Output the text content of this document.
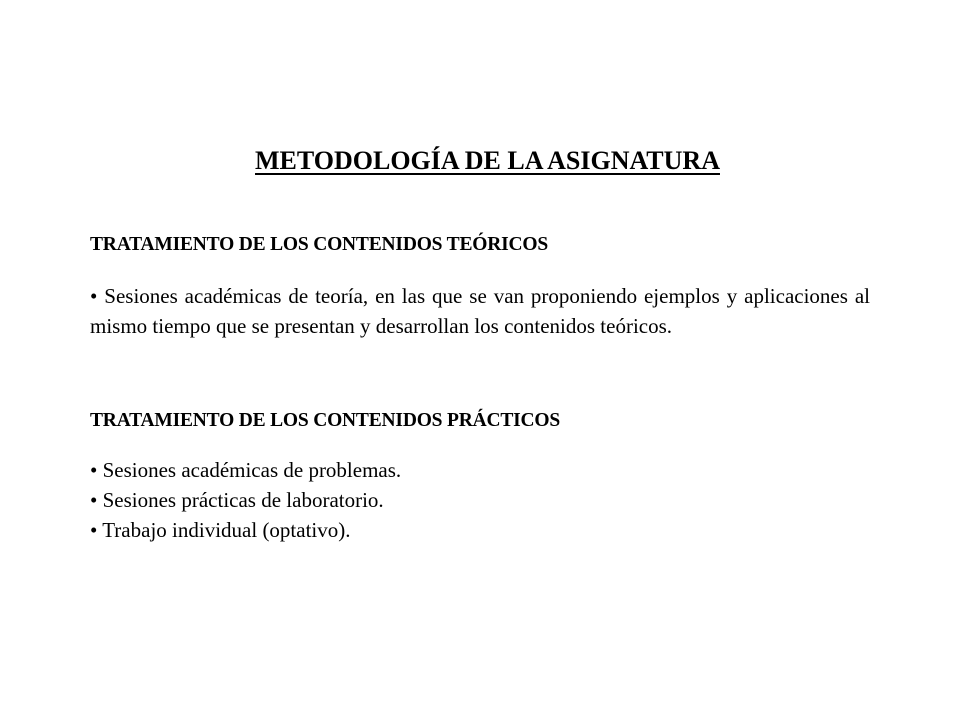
METODOLOGÍA DE LA ASIGNATURA
TRATAMIENTO DE LOS CONTENIDOS TEÓRICOS
• Sesiones académicas de teoría, en las que se van proponiendo ejemplos y aplicaciones al mismo tiempo que se presentan y desarrollan los contenidos teóricos.
TRATAMIENTO DE LOS CONTENIDOS PRÁCTICOS
• Sesiones académicas de problemas.
• Sesiones prácticas de laboratorio.
• Trabajo individual (optativo).
